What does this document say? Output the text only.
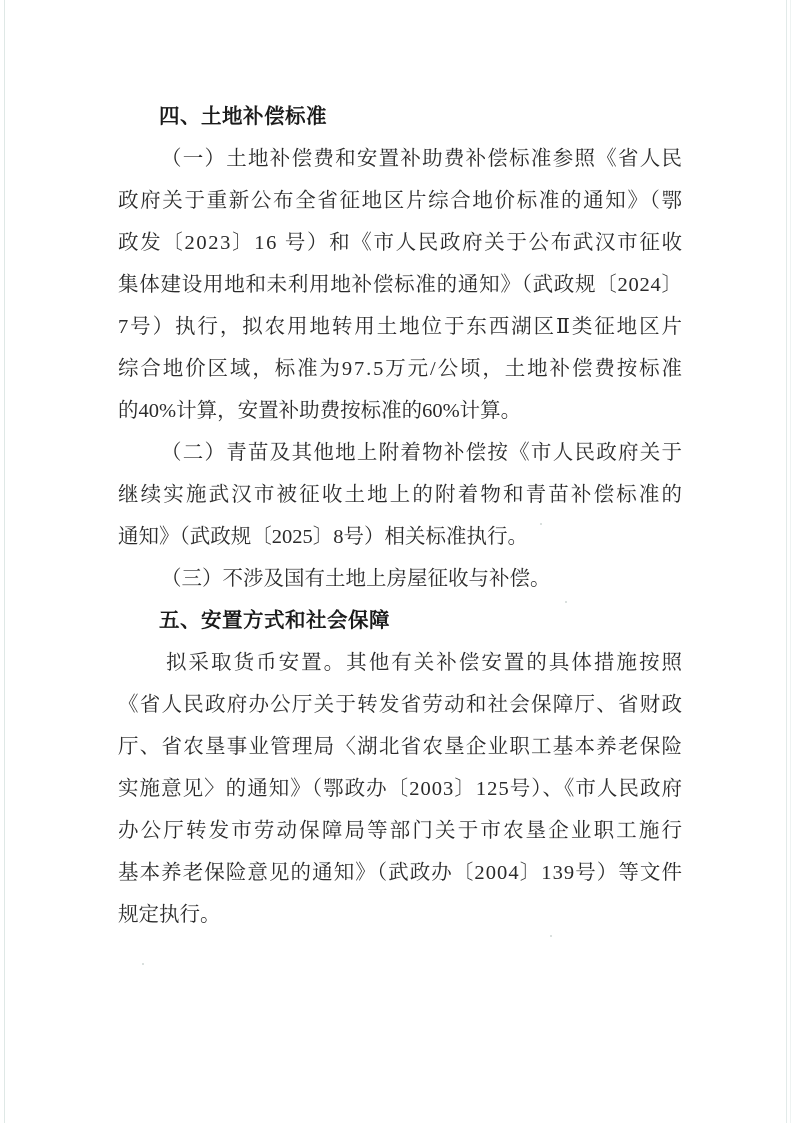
四、土地补偿标准
（一）土地补偿费和安置补助费补偿标准参照《省人民
政府关于重新公布全省征地区片综合地价标准的通知》（鄂
政发〔2023〕16 号）和《市人民政府关于公布武汉市征收
集体建设用地和未利用地补偿标准的通知》（武政规〔2024〕
7号）执行，拟农用地转用土地位于东西湖区Ⅱ类征地区片
综合地价区域，标准为97.5万元/公顷，土地补偿费按标准
的40%计算，安置补助费按标准的60%计算。
（二）青苗及其他地上附着物补偿按《市人民政府关于
继续实施武汉市被征收土地上的附着物和青苗补偿标准的
通知》（武政规〔2025〕8号）相关标准执行。
（三）不涉及国有土地上房屋征收与补偿。
五、安置方式和社会保障
拟采取货币安置。其他有关补偿安置的具体措施按照
《省人民政府办公厅关于转发省劳动和社会保障厅、省财政
厅、省农垦事业管理局〈湖北省农垦企业职工基本养老保险
实施意见〉的通知》（鄂政办〔2003〕125号）、《市人民政府
办公厅转发市劳动保障局等部门关于市农垦企业职工施行
基本养老保险意见的通知》（武政办〔2004〕139号）等文件
规定执行。
